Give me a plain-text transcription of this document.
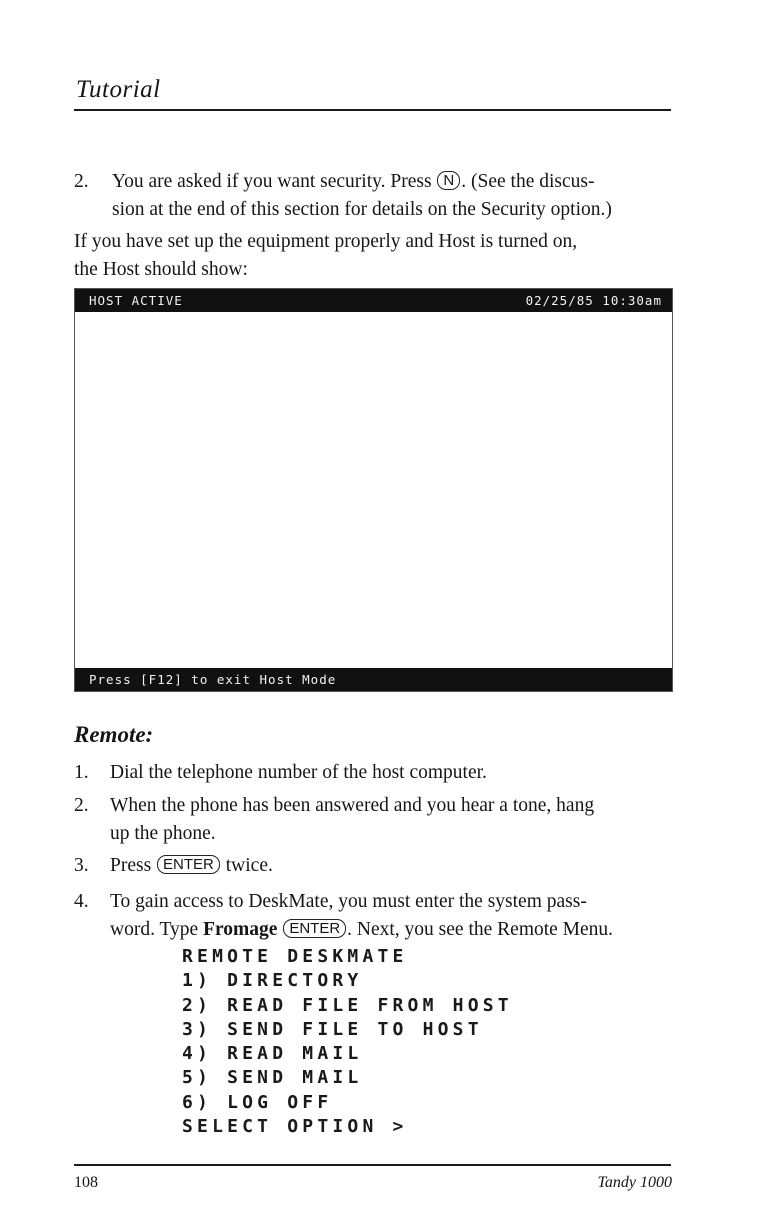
Tutorial
2. You are asked if you want security. Press N . (See the discus-
sion at the end of this section for details on the Security option.)
If you have set up the equipment properly and Host is turned on,
the Host should show:
HOST ACTIVE	02/25/85 10:30am
Press [F12] to exit Host Mode
Remote:
1. Dial the telephone number of the host computer.
2. When the phone has been answered and you hear a tone, hang
up the phone.
3. Press ENTER twice.
4. To gain access to DeskMate, you must enter the system pass-
word. Type Fromage ENTER . Next, you see the Remote Menu.
REMOTE DESKMATE
1) DIRECTORY
2) READ FILE FROM HOST
3) SEND FILE TO HOST
4) READ MAIL
5) SEND MAIL
6) LOG OFF
SELECT OPTION >
108	Tandy 1000
